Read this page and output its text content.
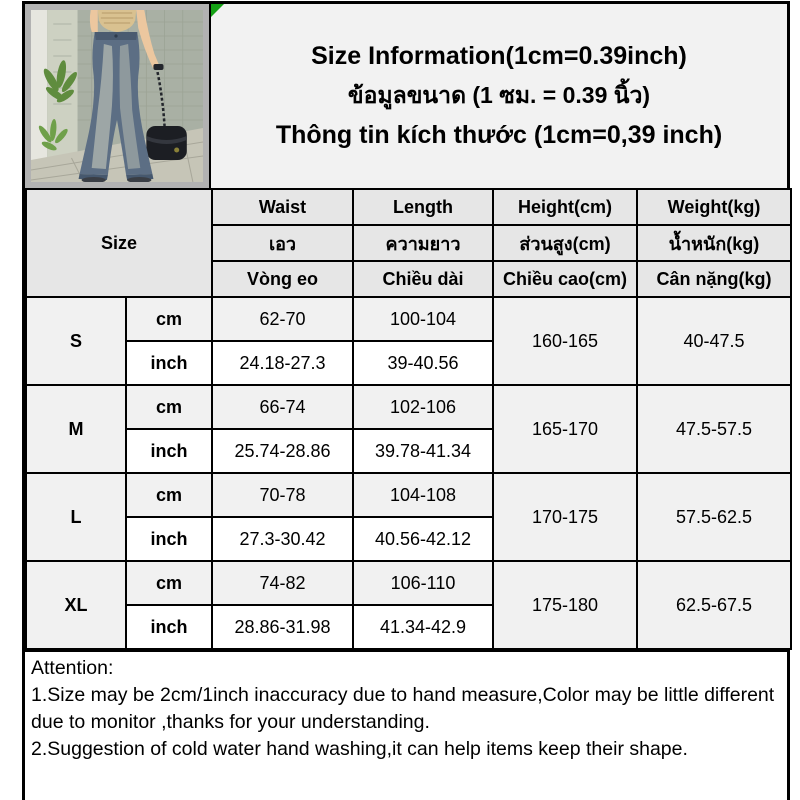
Size Information(1cm=0.39inch)
ข้อมูลขนาด (1 ซม. = 0.39 นิ้ว)
Thông tin kích thước (1cm=0,39 inch)
Size		Waist	Length	Height(cm)	Weight(kg)
		เอว	ความยาว	ส่วนสูง(cm)	น้ำหนัก(kg)
		Vòng eo	Chiều dài	Chiều cao(cm)	Cân nặng(kg)
S	cm	62-70	100-104	160-165	40-47.5
	inch	24.18-27.3	39-40.56		
M	cm	66-74	102-106	165-170	47.5-57.5
	inch	25.74-28.86	39.78-41.34		
L	cm	70-78	104-108	170-175	57.5-62.5
	inch	27.3-30.42	40.56-42.12		
XL	cm	74-82	106-110	175-180	62.5-67.5
	inch	28.86-31.98	41.34-42.9		
Attention:
1.Size may be 2cm/1inch inaccuracy due to hand measure,Color may be little different due to monitor ,thanks for your understanding.
2.Suggestion of cold water hand washing,it can help items keep their shape.
